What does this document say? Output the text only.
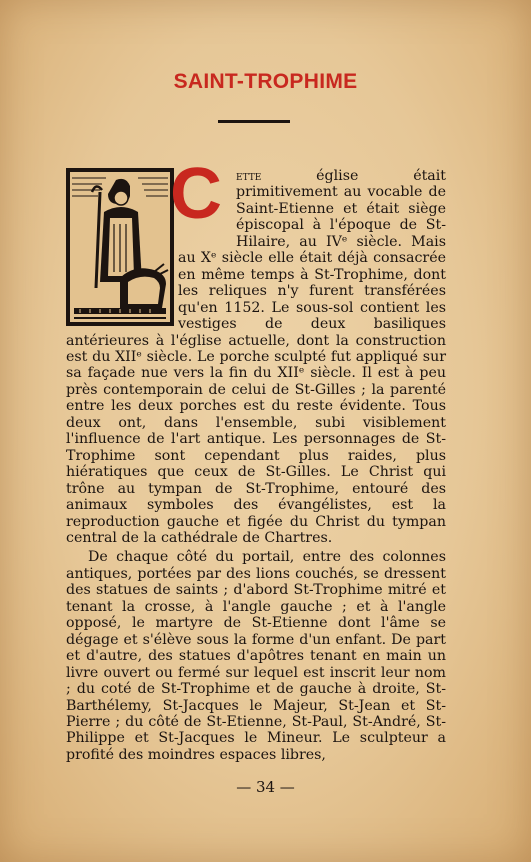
SAINT-TROPHIME
C	ette église était primitivement au vocable de Saint-Etienne et était siège épiscopal à l'époque de St-Hilaire, au IVᵉ siècle. Mais au Xᵉ siècle elle était déjà consacrée en même temps à St-Trophime, dont les reliques n'y furent transférées qu'en 1152. Le sous-sol contient les vestiges de deux basiliques antérieures à l'église actuelle, dont la construction est du XIIᵉ siècle. Le porche sculpté fut appliqué sur sa façade nue vers la fin du XIIᵉ siècle. Il est à peu près contemporain de celui de St-Gilles ; la parenté entre les deux porches est du reste évidente. Tous deux ont, dans l'ensemble, subi visiblement l'influence de l'art antique. Les personnages de St-Trophime sont cependant plus raides, plus hiératiques que ceux de St-Gilles. Le Christ qui trône au tympan de St-Trophime, entouré des animaux symboles des évangélistes, est la reproduction gauche et figée du Christ du tympan central de la cathédrale de Chartres.

De chaque côté du portail, entre des colonnes antiques, portées par des lions couchés, se dressent des statues de saints ; d'abord St-Trophime mitré et tenant la crosse, à l'angle gauche ; et à l'angle opposé, le martyre de St-Etienne dont l'âme se dégage et s'élève sous la forme d'un enfant. De part et d'autre, des statues d'apôtres tenant en main un livre ouvert ou fermé sur lequel est inscrit leur nom ; du coté de St-Trophime et de gauche à droite, St-Barthélemy, St-Jacques le Majeur, St-Jean et St-Pierre ; du côté de St-Etienne, St-Paul, St-André, St-Philippe et St-Jacques le Mineur. Le sculpteur a profité des moindres espaces libres,

— 34 —
